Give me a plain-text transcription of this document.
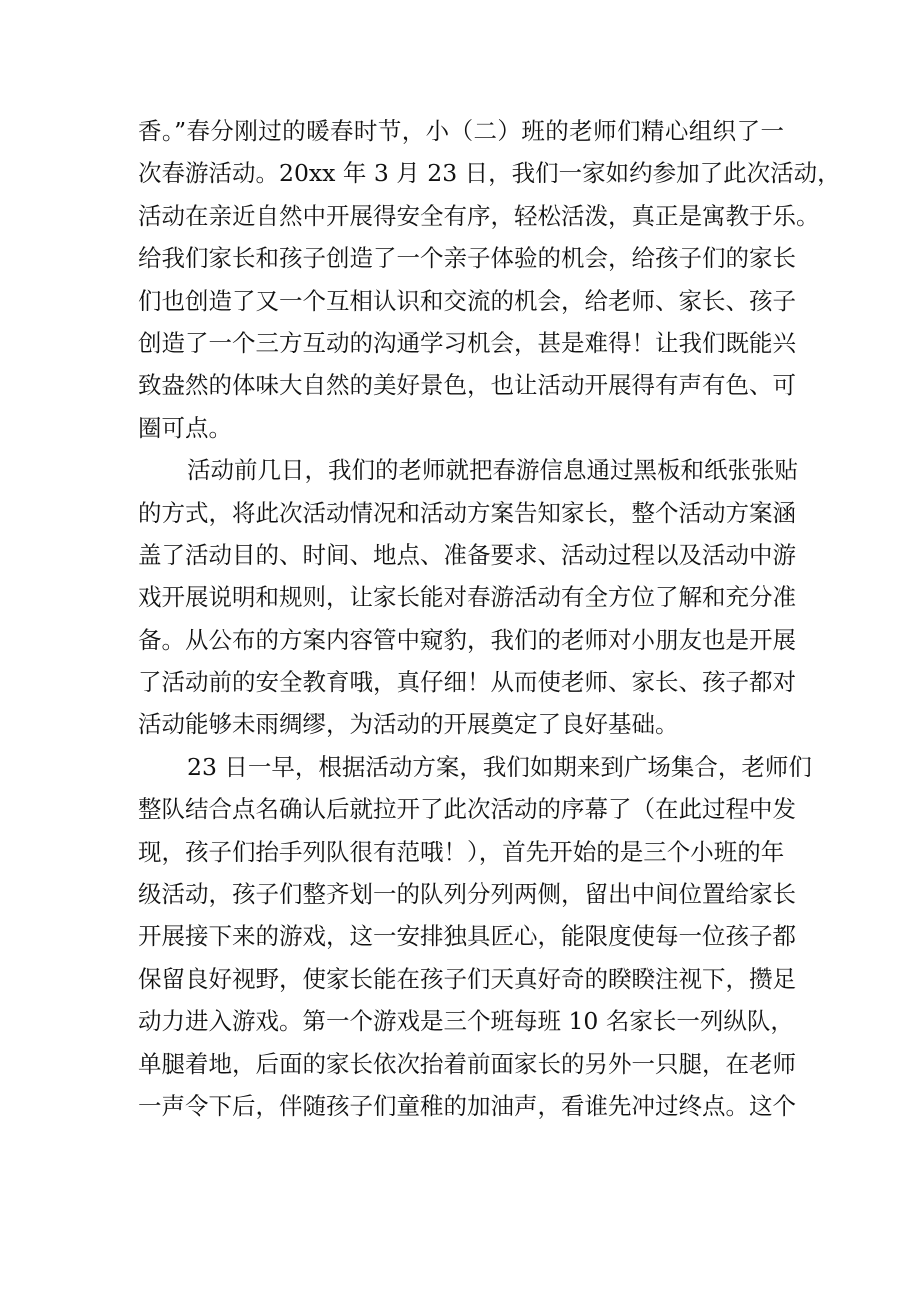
香。”春分刚过的暖春时节，小（二）班的老师们精心组织了一
次春游活动。20xx 年 3 月 23 日，我们一家如约参加了此次活动，
活动在亲近自然中开展得安全有序，轻松活泼，真正是寓教于乐。
给我们家长和孩子创造了一个亲子体验的机会，给孩子们的家长
们也创造了又一个互相认识和交流的机会，给老师、家长、孩子
创造了一个三方互动的沟通学习机会，甚是难得！让我们既能兴
致盎然的体味大自然的美好景色，也让活动开展得有声有色、可
圈可点。
活动前几日，我们的老师就把春游信息通过黑板和纸张张贴
的方式，将此次活动情况和活动方案告知家长，整个活动方案涵
盖了活动目的、时间、地点、准备要求、活动过程以及活动中游
戏开展说明和规则，让家长能对春游活动有全方位了解和充分准
备。从公布的方案内容管中窥豹，我们的老师对小朋友也是开展
了活动前的安全教育哦，真仔细！从而使老师、家长、孩子都对
活动能够未雨绸缪，为活动的开展奠定了良好基础。
23 日一早，根据活动方案，我们如期来到广场集合，老师们
整队结合点名确认后就拉开了此次活动的序幕了（在此过程中发
现，孩子们抬手列队很有范哦！），首先开始的是三个小班的年
级活动，孩子们整齐划一的队列分列两侧，留出中间位置给家长
开展接下来的游戏，这一安排独具匠心，能限度使每一位孩子都
保留良好视野，使家长能在孩子们天真好奇的睽睽注视下，攒足
动力进入游戏。第一个游戏是三个班每班 10 名家长一列纵队，
单腿着地，后面的家长依次抬着前面家长的另外一只腿，在老师
一声令下后，伴随孩子们童稚的加油声，看谁先冲过终点。这个
